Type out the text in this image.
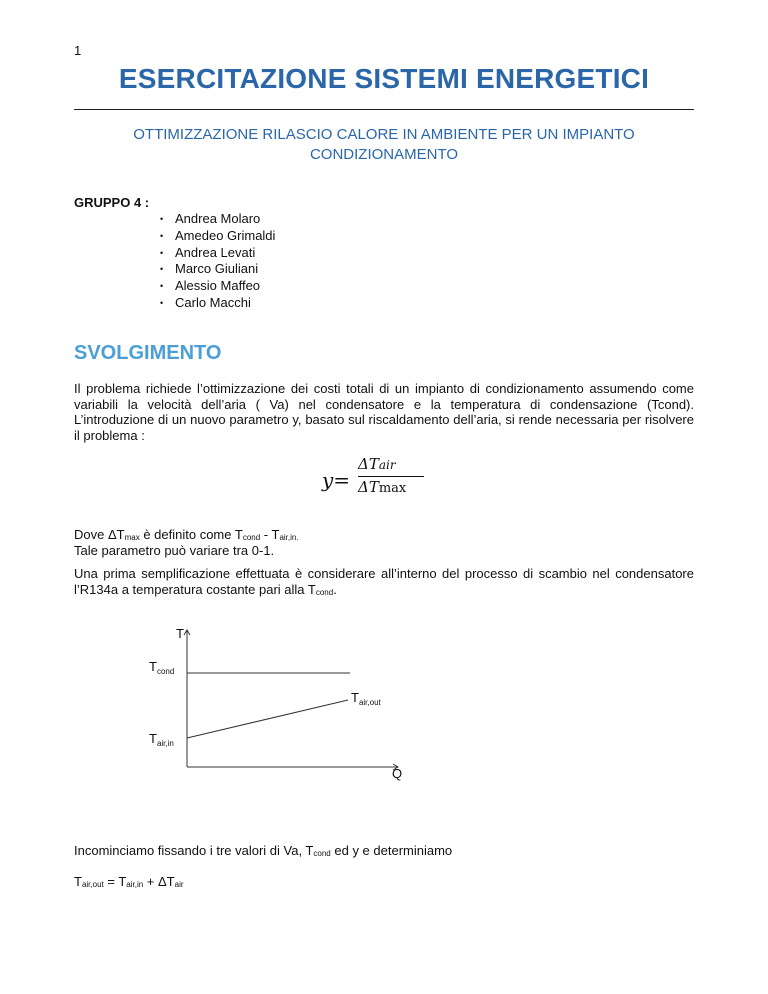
1
ESERCITAZIONE SISTEMI ENERGETICI
OTTIMIZZAZIONE RILASCIO CALORE IN AMBIENTE PER UN IMPIANTO
CONDIZIONAMENTO
GRUPPO 4 :
• Andrea Molaro
• Amedeo Grimaldi
• Andrea Levati
• Marco Giuliani
• Alessio Maffeo
• Carlo Macchi
SVOLGIMENTO

Il problema richiede l’ottimizzazione dei costi totali di un impianto di condizionamento assumendo come variabili la velocità dell’aria ( Va) nel condensatore e la temperatura di condensazione (Tcond). L’introduzione di un nuovo parametro y, basato sul riscaldamento dell’aria, si rende necessaria per risolvere il problema :

y=
ΔTair
ΔTmax
Dove $\Delta T_{max}$ è definito come $T_{cond} - T_{air,in.}$
Tale parametro può variare tra 0-1.

Una prima semplificazione effettuata è considerare all’interno del processo di scambio nel condensatore l’R134a a temperatura costante pari alla $T_{cond}$.

T
Q
$T_{cond}$
$T_{air,out}$
$T_{air,in}$
Incominciamo fissando i tre valori di Va, $T_{cond}$ ed y e determiniamo
$T_{air,out} = T_{air,in} + \Delta T_{air}$
